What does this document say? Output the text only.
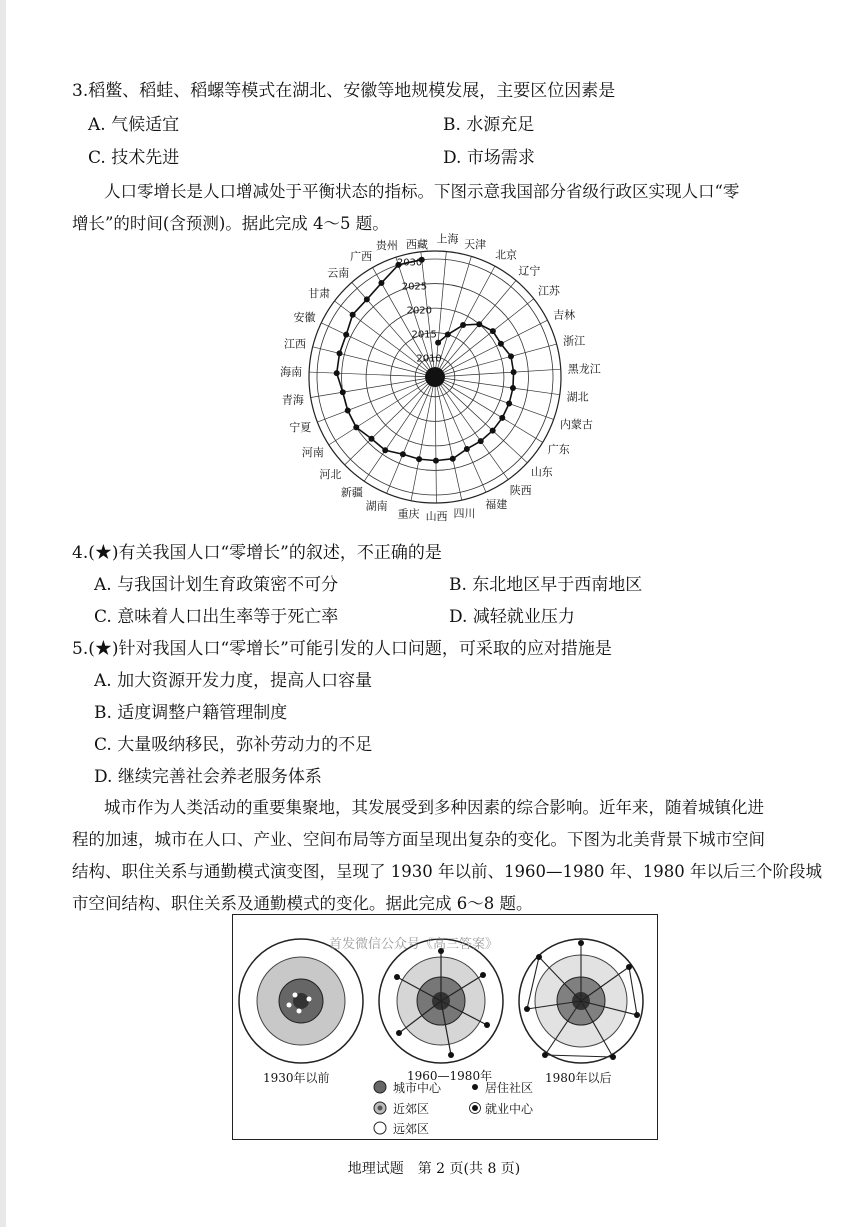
3.稻鳖、稻蛙、稻螺等模式在湖北、安徽等地规模发展，主要区位因素是
A. 气候适宜	B. 水源充足
C. 技术先进	D. 市场需求
人口零增长是人口增减处于平衡状态的指标。下图示意我国部分省级行政区实现人口“零
增长”的时间(含预测)。据此完成 4～5 题。
2010
2015
2020
2025
2030
上海 天津
北京
辽宁
江苏
吉林
浙江
黑龙江
湖北
内蒙古
广东
山东
陕西
福建
四川
山西
重庆
湖南
新疆
河北
河南
宁夏
青海
海南
江西
安徽
甘肃
云南
广西
贵州 西藏
4.(★)有关我国人口“零增长”的叙述，不正确的是
A. 与我国计划生育政策密不可分	B. 东北地区早于西南地区
C. 意味着人口出生率等于死亡率	D. 减轻就业压力
5.(★)针对我国人口“零增长”可能引发的人口问题，可采取的应对措施是
A. 加大资源开发力度，提高人口容量
B. 适度调整户籍管理制度
C. 大量吸纳移民，弥补劳动力的不足
D. 继续完善社会养老服务体系
城市作为人类活动的重要集聚地，其发展受到多种因素的综合影响。近年来，随着城镇化进
程的加速，城市在人口、产业、空间布局等方面呈现出复杂的变化。下图为北美背景下城市空间
结构、职住关系与通勤模式演变图，呈现了 1930 年以前、1960—1980 年、1980 年以后三个阶段城
市空间结构、职住关系及通勤模式的变化。据此完成 6～8 题。
首发微信公众号《高三答案》
1930年以前	1960—1980年	1980年以后
城市中心	居住社区
近郊区	就业中心
远郊区
地理试题　第 2 页(共 8 页)
